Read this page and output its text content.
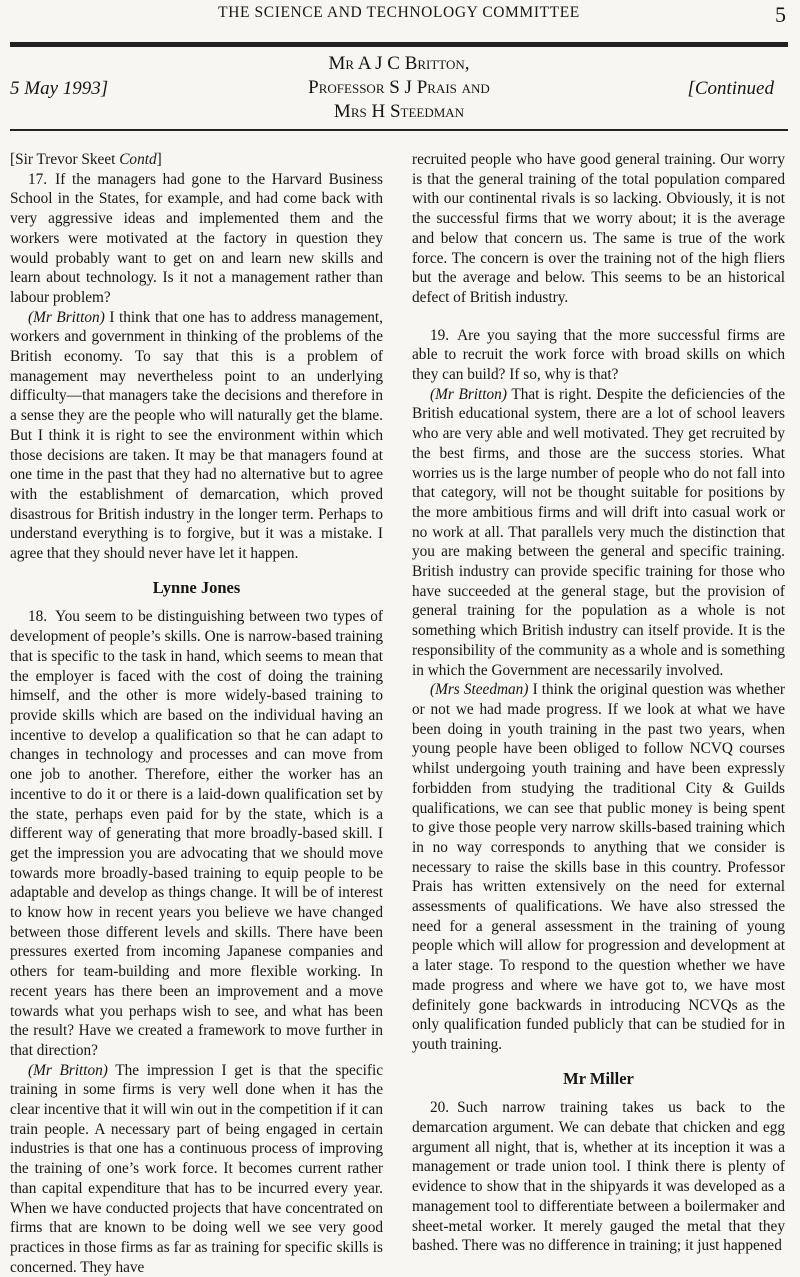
THE SCIENCE AND TECHNOLOGY COMMITTEE	5
Mr A J C Britton,
Professor S J Prais and
Mrs H Steedman
5 May 1993]	[Continued

[Sir Trevor Skeet Contd]

17. If the managers had gone to the Harvard Business School in the States, for example, and had come back with very aggressive ideas and implemented them and the workers were motivated at the factory in question they would probably want to get on and learn new skills and learn about technology. Is it not a management rather than labour problem?

(Mr Britton) I think that one has to address management, workers and government in thinking of the problems of the British economy. To say that this is a problem of management may nevertheless point to an underlying difficulty—that managers take the decisions and therefore in a sense they are the people who will naturally get the blame. But I think it is right to see the environment within which those decisions are taken. It may be that managers found at one time in the past that they had no alternative but to agree with the establishment of demarcation, which proved disastrous for British industry in the longer term. Perhaps to understand everything is to forgive, but it was a mistake. I agree that they should never have let it happen.

Lynne Jones

18. You seem to be distinguishing between two types of development of people’s skills. One is narrow-based training that is specific to the task in hand, which seems to mean that the employer is faced with the cost of doing the training himself, and the other is more widely-based training to provide skills which are based on the individual having an incentive to develop a qualification so that he can adapt to changes in technology and processes and can move from one job to another. Therefore, either the worker has an incentive to do it or there is a laid-down qualification set by the state, perhaps even paid for by the state, which is a different way of generating that more broadly-based skill. I get the impression you are advocating that we should move towards more broadly-based training to equip people to be adaptable and develop as things change. It will be of interest to know how in recent years you believe we have changed between those different levels and skills. There have been pressures exerted from incoming Japanese companies and others for team-building and more flexible working. In recent years has there been an improvement and a move towards what you perhaps wish to see, and what has been the result? Have we created a framework to move further in that direction?

(Mr Britton) The impression I get is that the specific training in some firms is very well done when it has the clear incentive that it will win out in the competition if it can train people. A necessary part of being engaged in certain industries is that one has a continuous process of improving the training of one’s work force. It becomes current rather than capital expenditure that has to be incurred every year. When we have conducted projects that have concentrated on firms that are known to be doing well we see very good practices in those firms as far as training for specific skills is concerned. They have

recruited people who have good general training. Our worry is that the general training of the total population compared with our continental rivals is so lacking. Obviously, it is not the successful firms that we worry about; it is the average and below that concern us. The same is true of the work force. The concern is over the training not of the high fliers but the average and below. This seems to be an historical defect of British industry.

19. Are you saying that the more successful firms are able to recruit the work force with broad skills on which they can build? If so, why is that?

(Mr Britton) That is right. Despite the deficiencies of the British educational system, there are a lot of school leavers who are very able and well motivated. They get recruited by the best firms, and those are the success stories. What worries us is the large number of people who do not fall into that category, will not be thought suitable for positions by the more ambitious firms and will drift into casual work or no work at all. That parallels very much the distinction that you are making between the general and specific training. British industry can provide specific training for those who have succeeded at the general stage, but the provision of general training for the population as a whole is not something which British industry can itself provide. It is the responsibility of the community as a whole and is something in which the Government are necessarily involved.

(Mrs Steedman) I think the original question was whether or not we had made progress. If we look at what we have been doing in youth training in the past two years, when young people have been obliged to follow NCVQ courses whilst undergoing youth training and have been expressly forbidden from studying the traditional City & Guilds qualifications, we can see that public money is being spent to give those people very narrow skills-based training which in no way corresponds to anything that we consider is necessary to raise the skills base in this country. Professor Prais has written extensively on the need for external assessments of qualifications. We have also stressed the need for a general assessment in the training of young people which will allow for progression and development at a later stage. To respond to the question whether we have made progress and where we have got to, we have most definitely gone backwards in introducing NCVQs as the only qualification funded publicly that can be studied for in youth training.

Mr Miller

20. Such narrow training takes us back to the demarcation argument. We can debate that chicken and egg argument all night, that is, whether at its inception it was a management or trade union tool. I think there is plenty of evidence to show that in the shipyards it was developed as a management tool to differentiate between a boilermaker and sheet-metal worker. It merely gauged the metal that they bashed. There was no difference in training; it just happened
